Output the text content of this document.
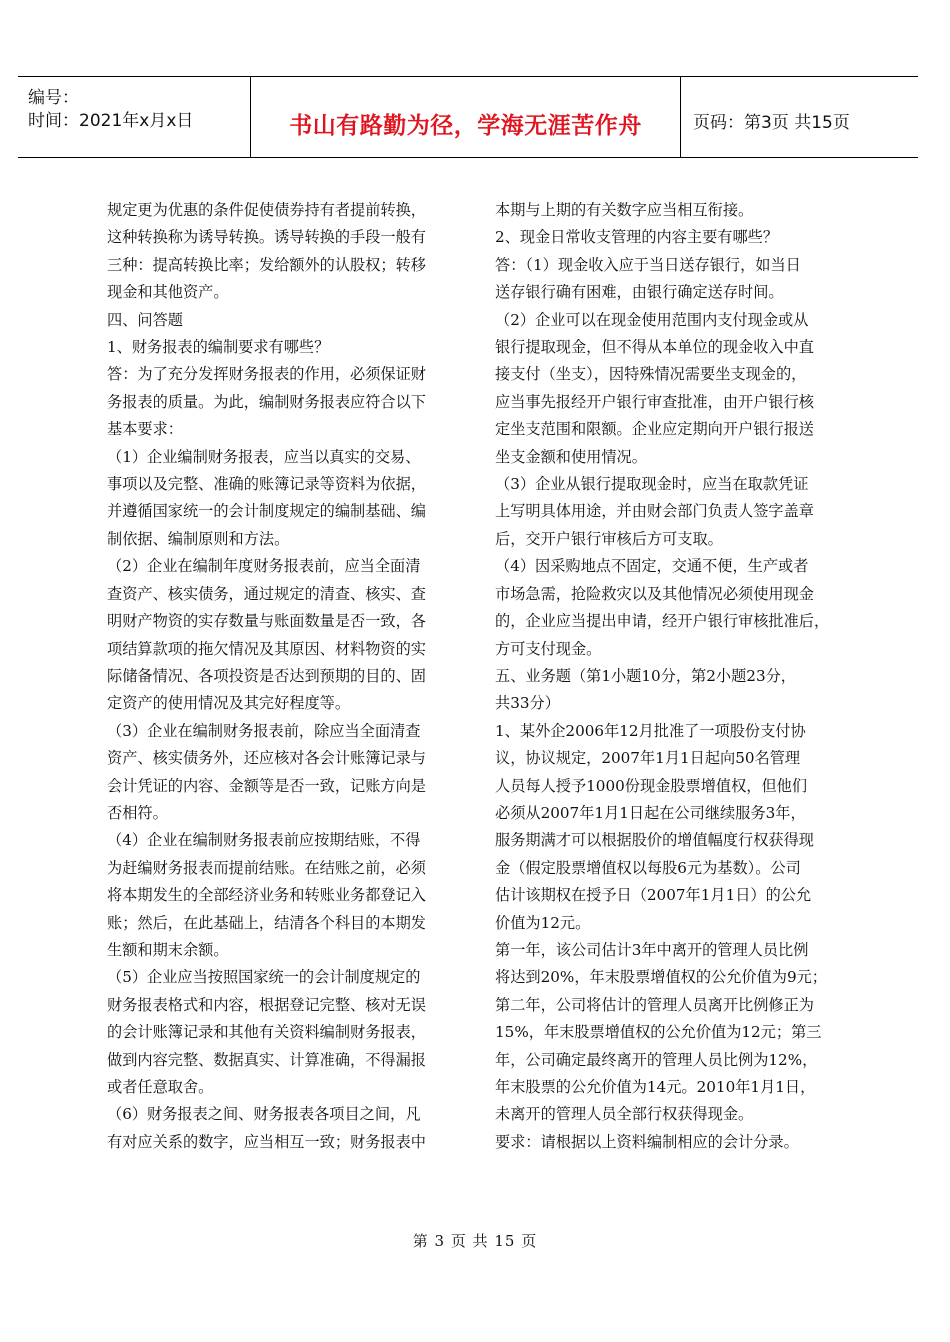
编号：
时间：2021年x月x日	书山有路勤为径，学海无涯苦作舟	页码：第3页 共15页

规定更为优惠的条件促使债券持有者提前转换，

这种转换称为诱导转换。诱导转换的手段一般有

三种：提高转换比率；发给额外的认股权；转移

现金和其他资产。

四、问答题

1、财务报表的编制要求有哪些？

答：为了充分发挥财务报表的作用，必须保证财

务报表的质量。为此，编制财务报表应符合以下

基本要求：

（1）企业编制财务报表，应当以真实的交易、

事项以及完整、准确的账簿记录等资料为依据，

并遵循国家统一的会计制度规定的编制基础、编

制依据、编制原则和方法。

（2）企业在编制年度财务报表前，应当全面清

查资产、核实债务，通过规定的清查、核实、查

明财产物资的实存数量与账面数量是否一致，各

项结算款项的拖欠情况及其原因、材料物资的实

际储备情况、各项投资是否达到预期的目的、固

定资产的使用情况及其完好程度等。

（3）企业在编制财务报表前，除应当全面清查

资产、核实债务外，还应核对各会计账簿记录与

会计凭证的内容、金额等是否一致，记账方向是

否相符。

（4）企业在编制财务报表前应按期结账，不得

为赶编财务报表而提前结账。在结账之前，必须

将本期发生的全部经济业务和转账业务都登记入

账；然后，在此基础上，结清各个科目的本期发

生额和期末余额。

（5）企业应当按照国家统一的会计制度规定的

财务报表格式和内容，根据登记完整、核对无误

的会计账簿记录和其他有关资料编制财务报表，

做到内容完整、数据真实、计算准确，不得漏报

或者任意取舍。

（6）财务报表之间、财务报表各项目之间，凡

有对应关系的数字，应当相互一致；财务报表中

本期与上期的有关数字应当相互衔接。

2、现金日常收支管理的内容主要有哪些？

答：（1）现金收入应于当日送存银行，如当日

送存银行确有困难，由银行确定送存时间。

（2）企业可以在现金使用范围内支付现金或从

银行提取现金，但不得从本单位的现金收入中直

接支付（坐支），因特殊情况需要坐支现金的，

应当事先报经开户银行审查批准，由开户银行核

定坐支范围和限额。企业应定期向开户银行报送

坐支金额和使用情况。

（3）企业从银行提取现金时，应当在取款凭证

上写明具体用途，并由财会部门负责人签字盖章

后，交开户银行审核后方可支取。

（4）因采购地点不固定，交通不便，生产或者

市场急需，抢险救灾以及其他情况必须使用现金

的，企业应当提出申请，经开户银行审核批准后，

方可支付现金。

五、业务题（第1小题10分，第2小题23分，

共33分）

1、某外企2006年12月批准了一项股份支付协

议，协议规定，2007年1月1日起向50名管理

人员每人授予1000份现金股票增值权，但他们

必须从2007年1月1日起在公司继续服务3年，

服务期满才可以根据股价的增值幅度行权获得现

金（假定股票增值权以每股6元为基数）。公司

估计该期权在授予日（2007年1月1日）的公允

价值为12元。

第一年，该公司估计3年中离开的管理人员比例

将达到20%，年末股票增值权的公允价值为9元；

第二年，公司将估计的管理人员离开比例修正为

15%，年末股票增值权的公允价值为12元；第三

年，公司确定最终离开的管理人员比例为12%，

年末股票的公允价值为14元。2010年1月1日，

未离开的管理人员全部行权获得现金。

要求：请根据以上资料编制相应的会计分录。

第 3 页 共 15 页
